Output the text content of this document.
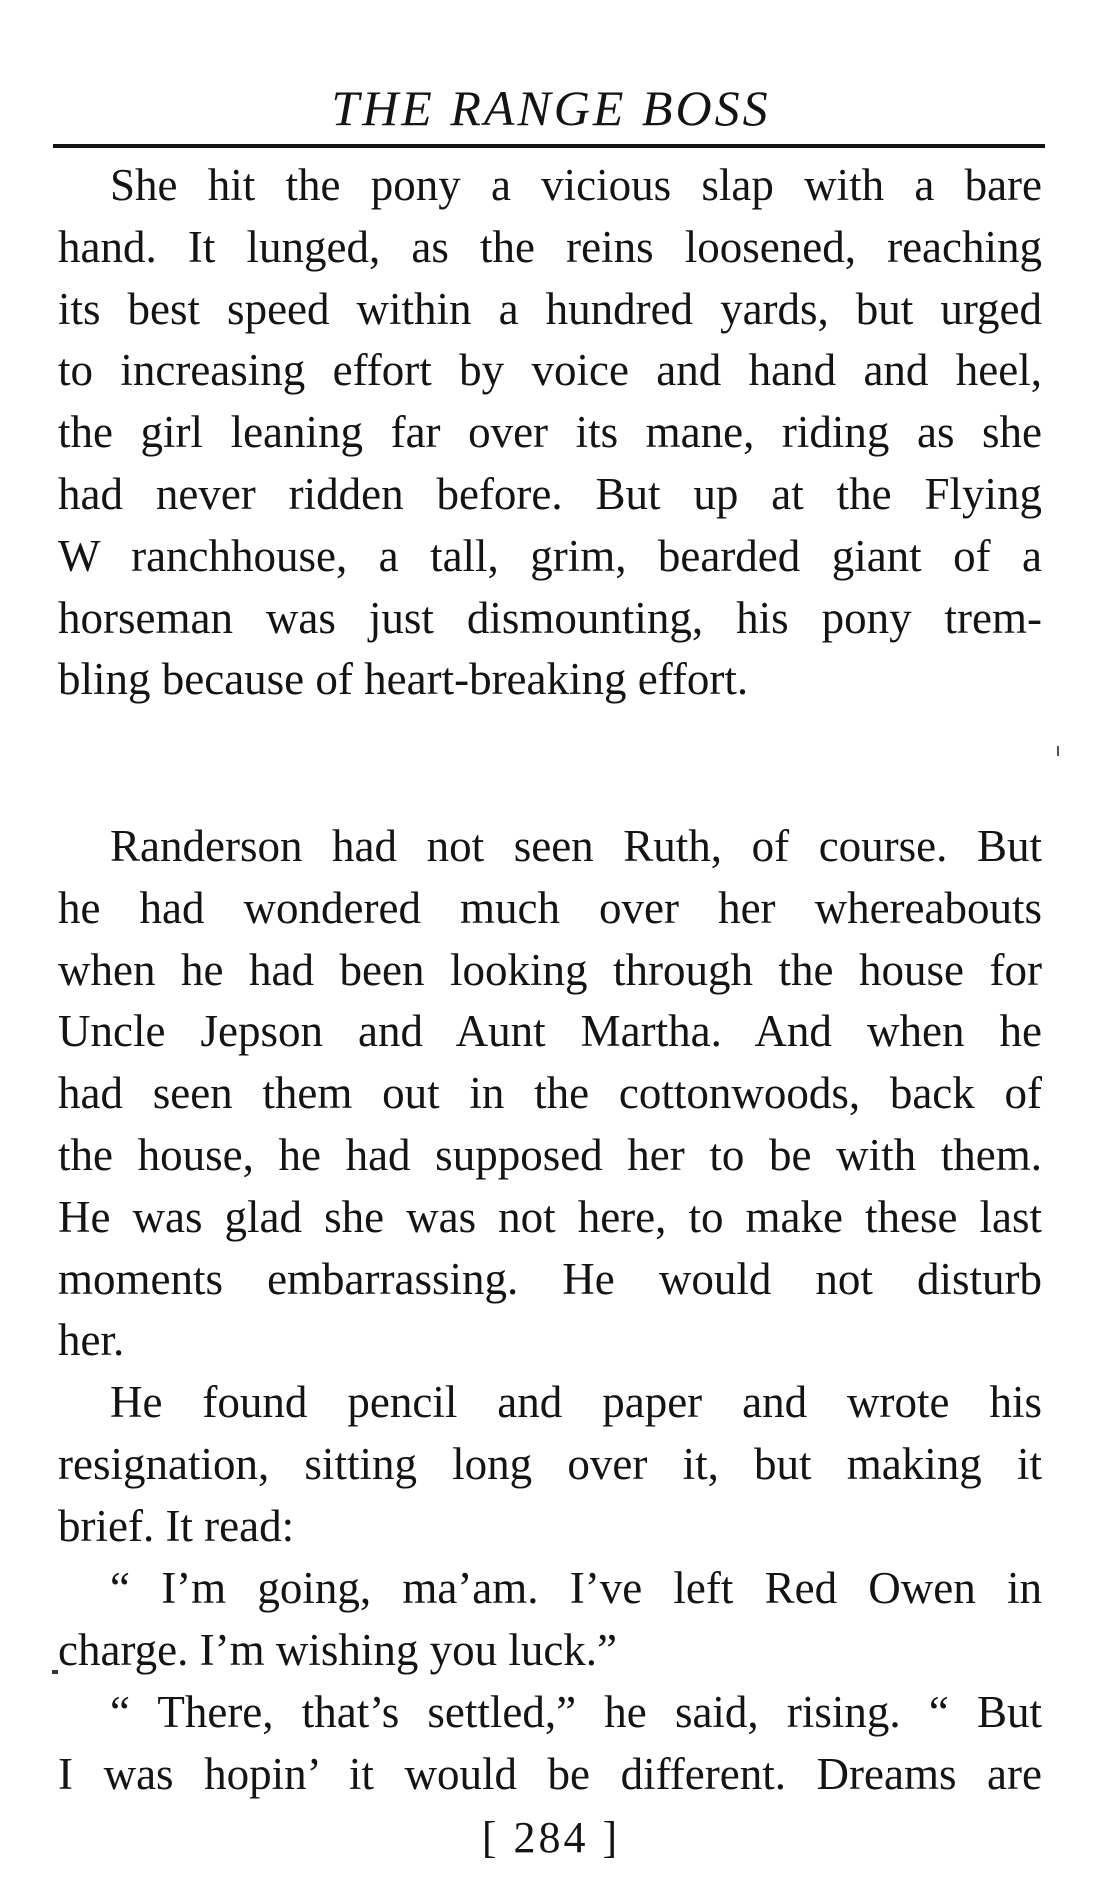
THE RANGE BOSS
She hit the pony a vicious slap with a bare
hand. It lunged, as the reins loosened, reaching
its best speed within a hundred yards, but urged
to increasing effort by voice and hand and heel,
the girl leaning far over its mane, riding as she
had never ridden before. But up at the Flying
W ranchhouse, a tall, grim, bearded giant of a
horseman was just dismounting, his pony trem-
bling because of heart-breaking effort.
Randerson had not seen Ruth, of course. But
he had wondered much over her whereabouts
when he had been looking through the house for
Uncle Jepson and Aunt Martha. And when he
had seen them out in the cottonwoods, back of
the house, he had supposed her to be with them.
He was glad she was not here, to make these last
moments embarrassing. He would not disturb
her.
He found pencil and paper and wrote his
resignation, sitting long over it, but making it
brief. It read:
“ I’m going, ma’am. I’ve left Red Owen in
charge. I’m wishing you luck.”
“ There, that’s settled,” he said, rising. “ But
I was hopin’ it would be different. Dreams are
[ 284 ]
